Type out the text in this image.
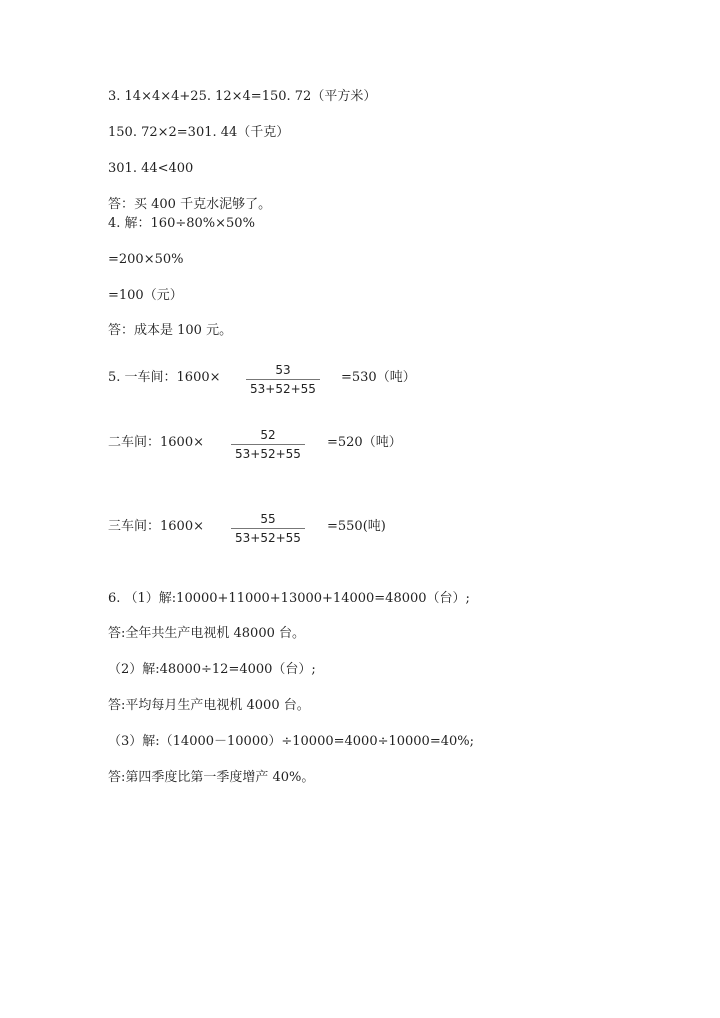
3. 14×4×4+25. 12×4=150. 72（平方米）
150. 72×2=301. 44（千克）
301. 44<400
答：买 400 千克水泥够了。
4. 解：160÷80%×50%
=200×50%
=100（元）
答：成本是 100 元。
5. 一车间：1600×	53
53+52+55
=530（吨）
二车间：1600×	52
53+52+55
=520（吨）
三车间：1600×	55
53+52+55
=550(吨)
6. （1）解:10000+11000+13000+14000=48000（台）;
答:全年共生产电视机 48000 台。
（2）解:48000÷12=4000（台）;
答:平均每月生产电视机 4000 台。
（3）解:（14000－10000）÷10000=4000÷10000=40%;
答:第四季度比第一季度增产 40%。
